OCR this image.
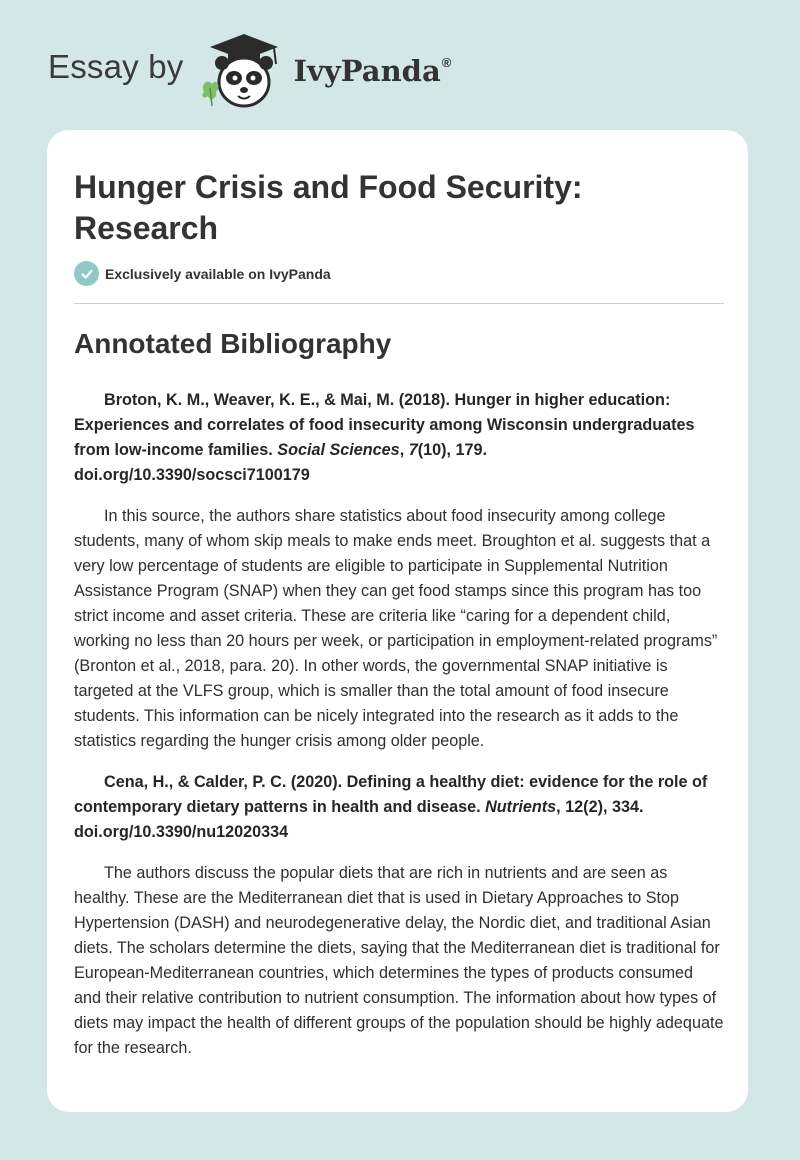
Essay by	IvyPanda®
Hunger Crisis and Food Security: Research
Exclusively available on IvyPanda
Annotated Bibliography

Broton, K. M., Weaver, K. E., & Mai, M. (2018). Hunger in higher education: Experiences and correlates of food insecurity among Wisconsin undergraduates from low-income families. Social Sciences, 7(10), 179. doi.org/10.3390/socsci7100179

In this source, the authors share statistics about food insecurity among college students, many of whom skip meals to make ends meet. Broughton et al. suggests that a very low percentage of students are eligible to participate in Supplemental Nutrition Assistance Program (SNAP) when they can get food stamps since this program has too strict income and asset criteria. These are criteria like “caring for a dependent child, working no less than 20 hours per week, or participation in employment-related programs” (Bronton et al., 2018, para. 20). In other words, the governmental SNAP initiative is targeted at the VLFS group, which is smaller than the total amount of food insecure students. This information can be nicely integrated into the research as it adds to the statistics regarding the hunger crisis among older people.

Cena, H., & Calder, P. C. (2020). Defining a healthy diet: evidence for the role of contemporary dietary patterns in health and disease. Nutrients, 12(2), 334. doi.org/10.3390/nu12020334

The authors discuss the popular diets that are rich in nutrients and are seen as healthy. These are the Mediterranean diet that is used in Dietary Approaches to Stop Hypertension (DASH) and neurodegenerative delay, the Nordic diet, and traditional Asian diets. The scholars determine the diets, saying that the Mediterranean diet is traditional for European-Mediterranean countries, which determines the types of products consumed and their relative contribution to nutrient consumption. The information about how types of diets may impact the health of different groups of the population should be highly adequate for the research.
